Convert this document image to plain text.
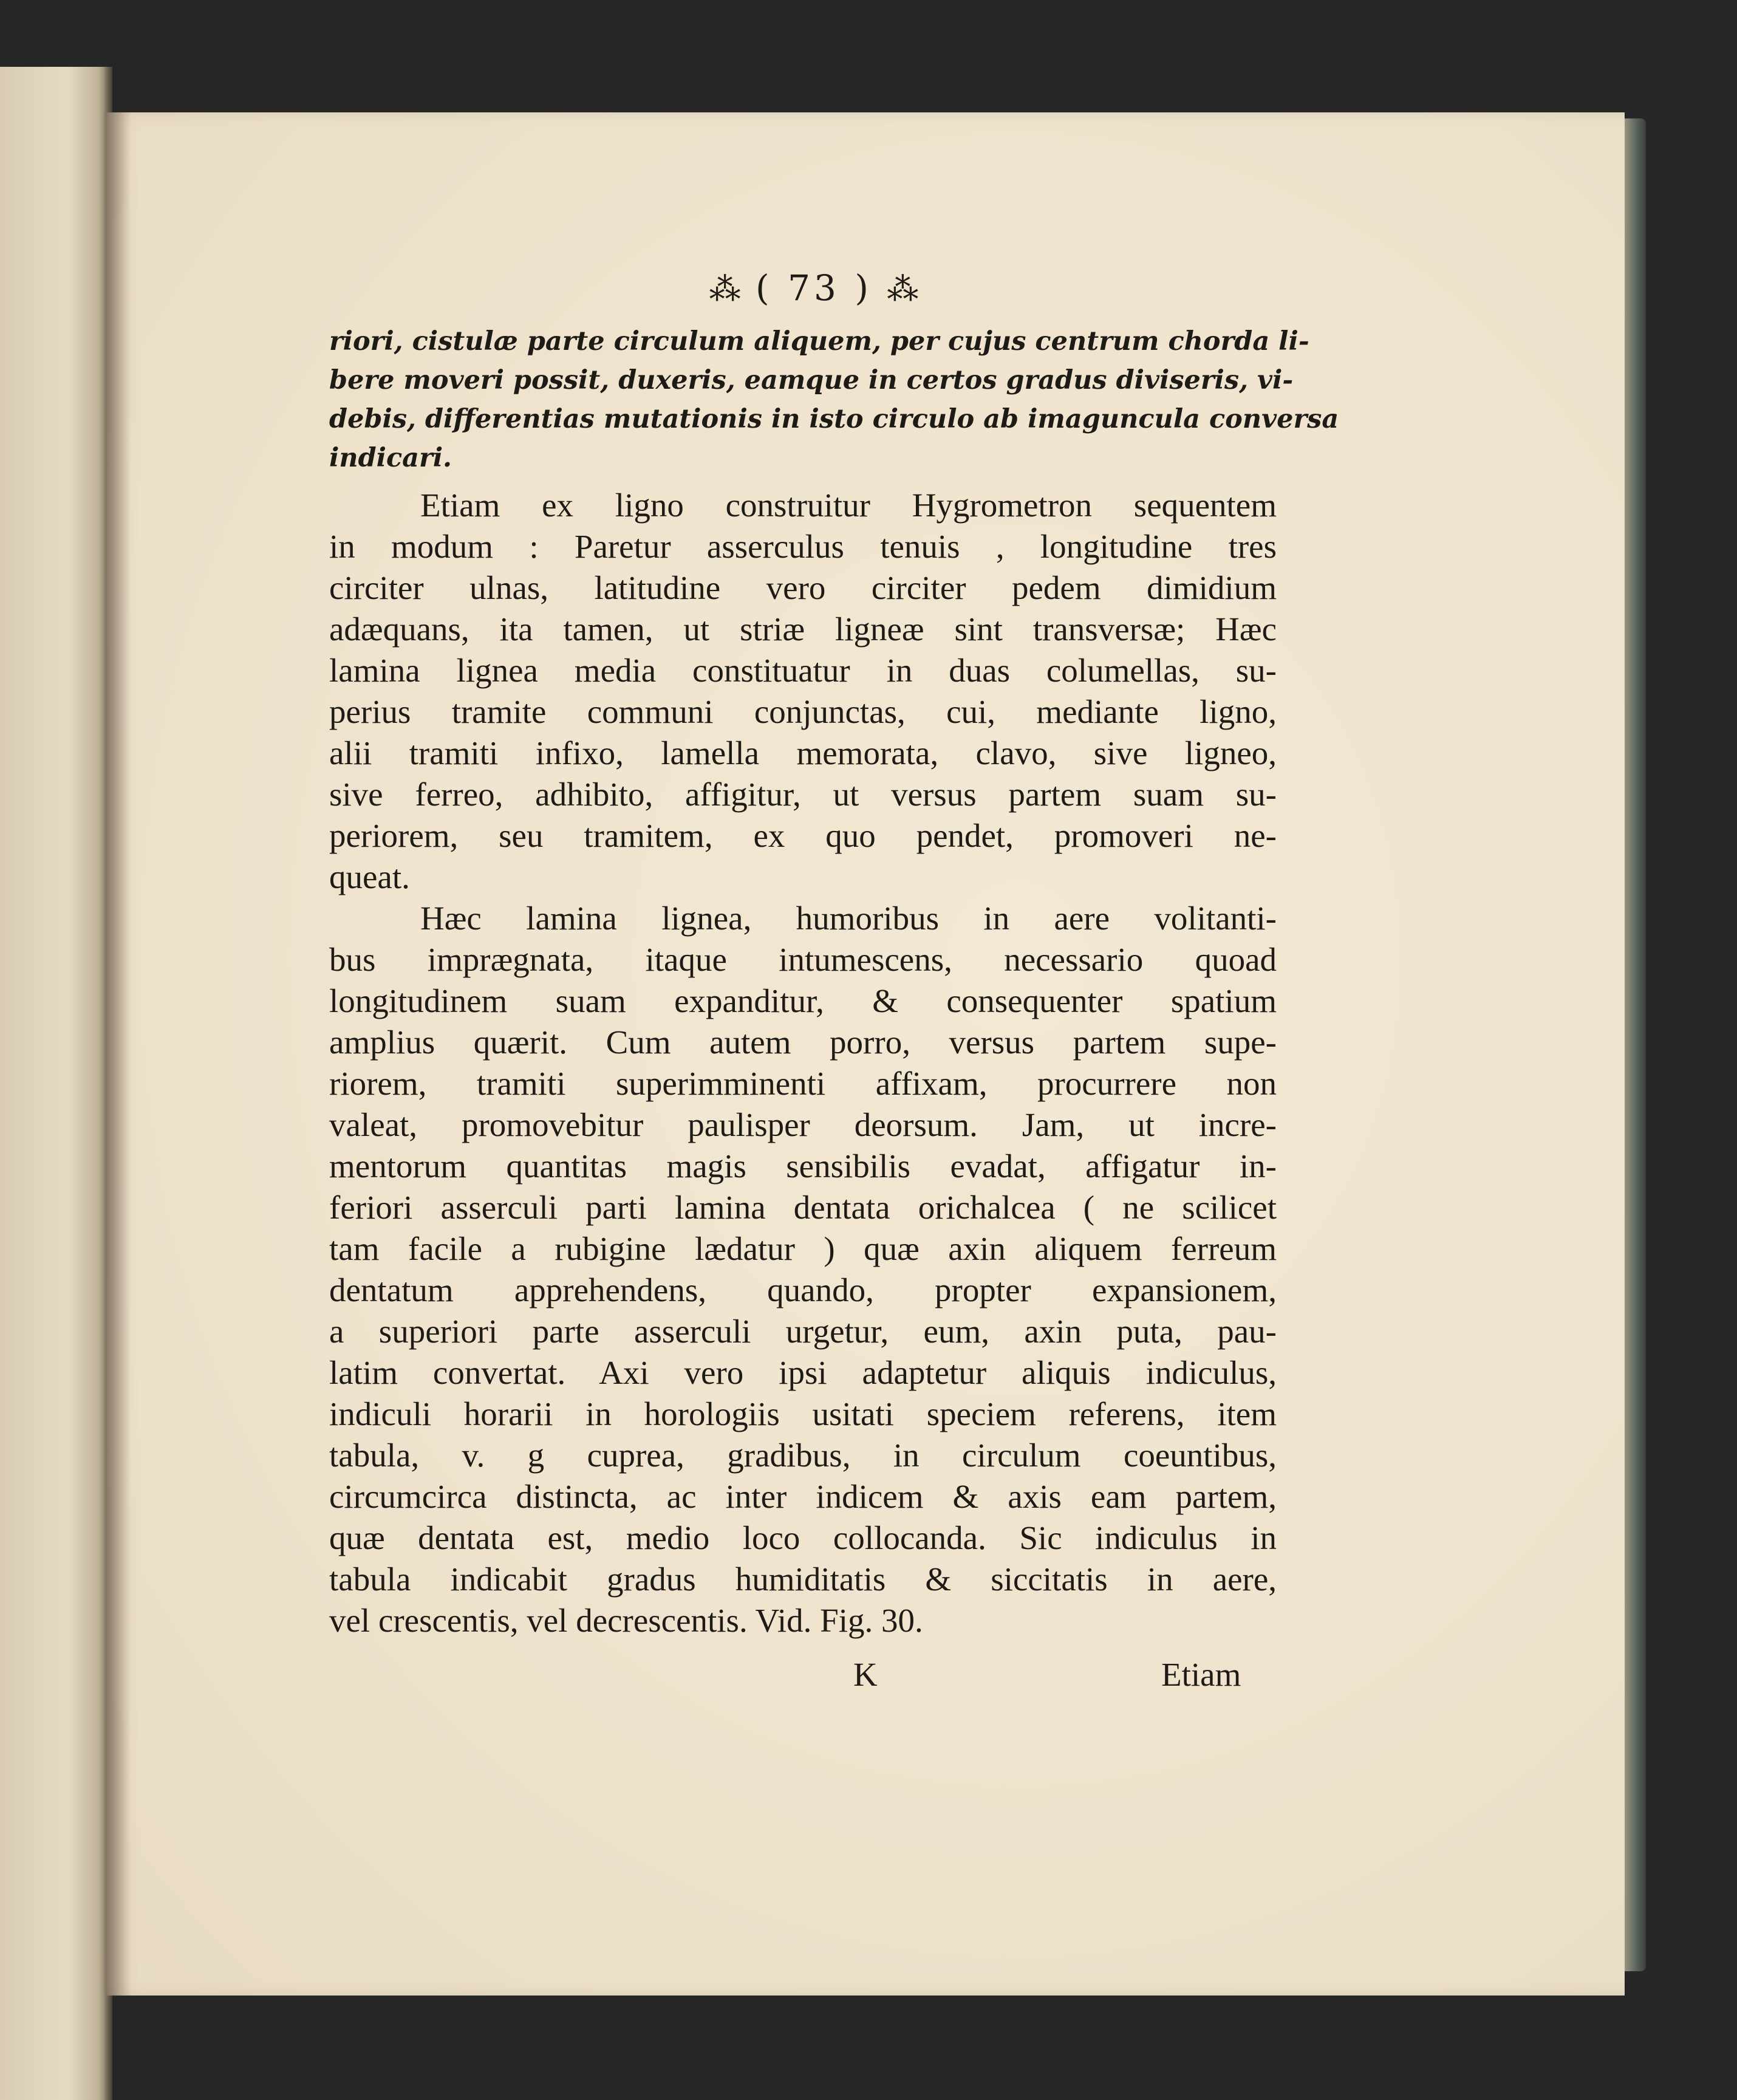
⁂ ( 73 ) ⁂
riori, cistulæ parte circulum aliquem, per cujus centrum chorda li-
bere moveri possit, duxeris, eamque in certos gradus diviseris, vi-
debis, differentias mutationis in isto circulo ab imaguncula conversa
indicari.
Etiam ex ligno construitur Hygrometron sequentem
in modum : Paretur asserculus tenuis , longitudine tres
circiter ulnas, latitudine vero circiter pedem dimidium
adæquans, ita tamen, ut striæ ligneæ sint transversæ; Hæc
lamina lignea media constituatur in duas columellas, su-
perius tramite communi conjunctas, cui, mediante ligno,
alii tramiti infixo, lamella memorata, clavo, sive ligneo,
sive ferreo, adhibito, affigitur, ut versus partem suam su-
periorem, seu tramitem, ex quo pendet, promoveri ne-
queat.
Hæc lamina lignea, humoribus in aere volitanti-
bus imprægnata, itaque intumescens, necessario quoad
longitudinem suam expanditur, & consequenter spatium
amplius quærit. Cum autem porro, versus partem supe-
riorem, tramiti superimminenti affixam, procurrere non
valeat, promovebitur paulisper deorsum. Jam, ut incre-
mentorum quantitas magis sensibilis evadat, affigatur in-
feriori asserculi parti lamina dentata orichalcea ( ne scilicet
tam facile a rubigine lædatur ) quæ axin aliquem ferreum
dentatum apprehendens, quando, propter expansionem,
a superiori parte asserculi urgetur, eum, axin puta, pau-
latim convertat. Axi vero ipsi adaptetur aliquis indiculus,
indiculi horarii in horologiis usitati speciem referens, item
tabula, v. g cuprea, gradibus, in circulum coeuntibus,
circumcirca distincta, ac inter indicem & axis eam partem,
quæ dentata est, medio loco collocanda. Sic indiculus in
tabula indicabit gradus humiditatis & siccitatis in aere,
vel crescentis, vel decrescentis. Vid. Fig. 30.
K	Etiam
